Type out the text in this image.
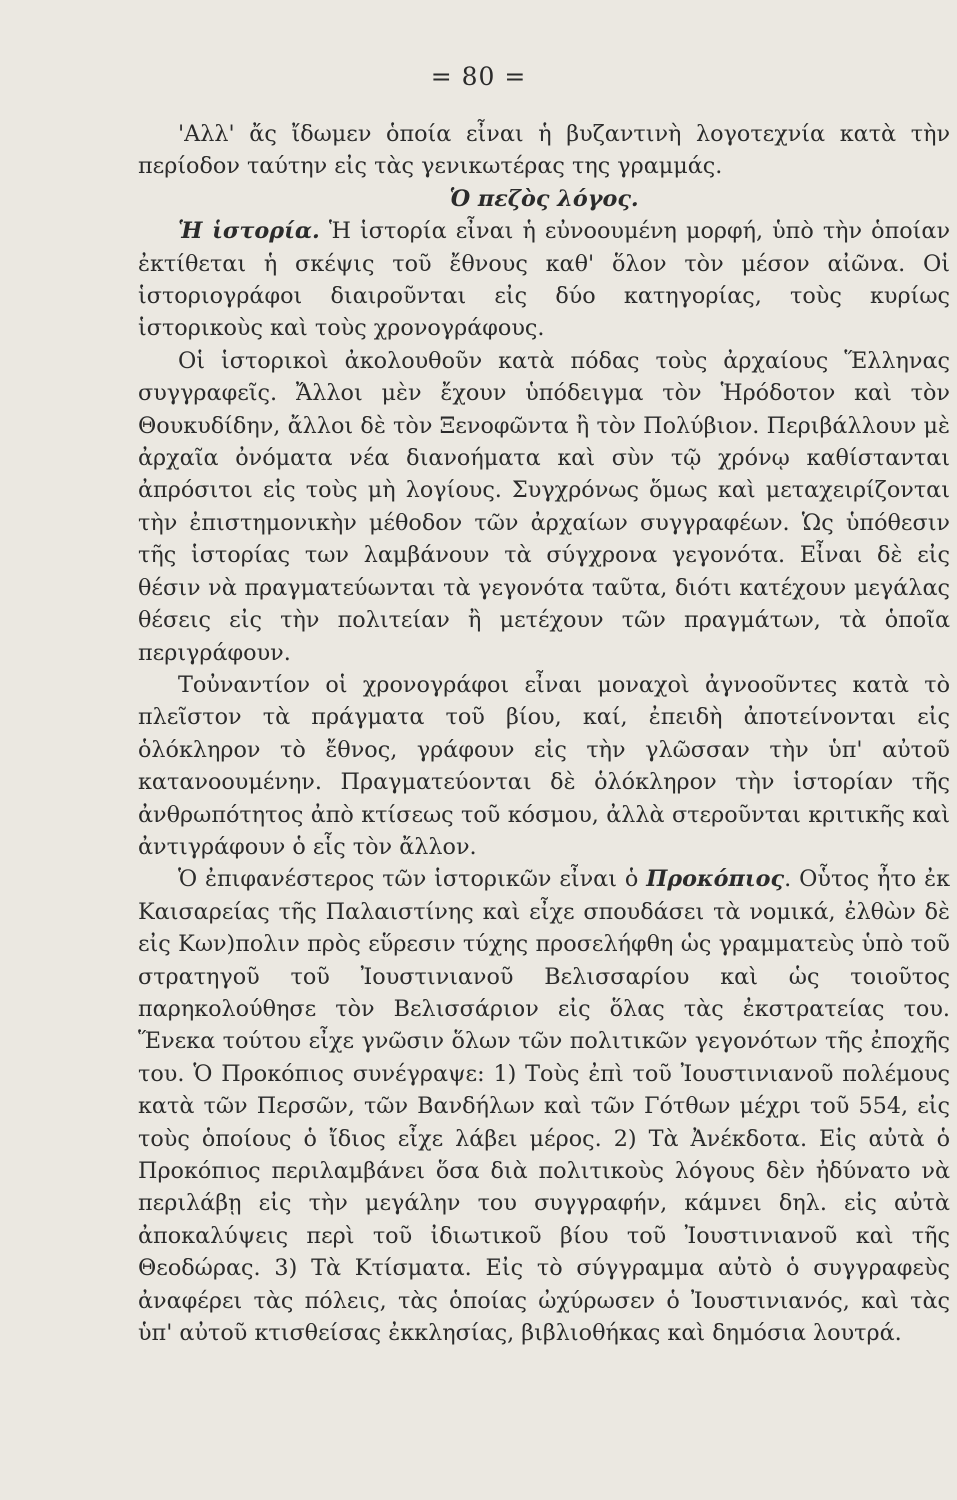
= 80 =

'Αλλ' ἄς ἴδωμεν ὁποία εἶναι ἡ βυζαντινὴ λογοτεχνία κατὰ τὴν περίοδον ταύτην εἰς τὰς γενικωτέρας της γραμμάς.

Ὁ πεζὸς λόγος.

Ἡ ἱστορία. Ἡ ἱστορία εἶναι ἡ εὐνοουμένη μορφή, ὑπὸ τὴν ὁποίαν ἐκτίθεται ἡ σκέψις τοῦ ἔθνους καθ' ὅλον τὸν μέσον αἰῶνα. Οἱ ἱστοριογράφοι διαιροῦνται εἰς δύο κατηγορίας, τοὺς κυρίως ἱστορικοὺς καὶ τοὺς χρονογράφους.

Οἱ ἱστορικοὶ ἀκολουθοῦν κατὰ πόδας τοὺς ἀρχαίους Ἕλληνας συγγραφεῖς. Ἄλλοι μὲν ἔχουν ὑπόδειγμα τὸν Ἡρόδοτον καὶ τὸν Θουκυδίδην, ἄλλοι δὲ τὸν Ξενοφῶντα ἢ τὸν Πολύβιον. Περιβάλλουν μὲ ἀρχαῖα ὀνόματα νέα διανοήματα καὶ σὺν τῷ χρόνῳ καθίστανται ἀπρόσιτοι εἰς τοὺς μὴ λογίους. Συγχρόνως ὅμως καὶ μεταχειρίζονται τὴν ἐπιστημονικὴν μέθοδον τῶν ἀρχαίων συγγραφέων. Ὡς ὑπόθεσιν τῆς ἱστορίας των λαμβάνουν τὰ σύγχρονα γεγονότα. Εἶναι δὲ εἰς θέσιν νὰ πραγματεύωνται τὰ γεγονότα ταῦτα, διότι κατέχουν μεγάλας θέσεις εἰς τὴν πολιτείαν ἢ μετέχουν τῶν πραγμάτων, τὰ ὁποῖα περιγράφουν.

Τοὐναντίον οἱ χρονογράφοι εἶναι μοναχοὶ ἀγνοοῦντες κατὰ τὸ πλεῖστον τὰ πράγματα τοῦ βίου, καί, ἐπειδὴ ἀποτείνονται εἰς ὁλόκληρον τὸ ἔθνος, γράφουν εἰς τὴν γλῶσσαν τὴν ὑπ' αὐτοῦ κατανοουμένην. Πραγματεύονται δὲ ὁλόκληρον τὴν ἱστορίαν τῆς ἀνθρωπότητος ἀπὸ κτίσεως τοῦ κόσμου, ἀλλὰ στεροῦνται κριτικῆς καὶ ἀντιγράφουν ὁ εἷς τὸν ἄλλον.

Ὁ ἐπιφανέστερος τῶν ἱστορικῶν εἶναι ὁ Προκόπιος. Οὗτος ἦτο ἐκ Καισαρείας τῆς Παλαιστίνης καὶ εἶχε σπουδάσει τὰ νομικά, ἐλθὼν δὲ εἰς Κων)πολιν πρὸς εὕρεσιν τύχης προσελήφθη ὡς γραμματεὺς ὑπὸ τοῦ στρατηγοῦ τοῦ Ἰουστινιανοῦ Βελισσαρίου καὶ ὡς τοιοῦτος παρηκολούθησε τὸν Βελισσάριον εἰς ὅλας τὰς ἐκστρατείας του. Ἕνεκα τούτου εἶχε γνῶσιν ὅλων τῶν πολιτικῶν γεγονότων τῆς ἐποχῆς του. Ὁ Προκόπιος συνέγραψε: 1) Τοὺς ἐπὶ τοῦ Ἰουστινιανοῦ πολέμους κατὰ τῶν Περσῶν, τῶν Βανδήλων καὶ τῶν Γότθων μέχρι τοῦ 554, εἰς τοὺς ὁποίους ὁ ἴδιος εἶχε λάβει μέρος. 2) Τὰ Ἀνέκδοτα. Εἰς αὐτὰ ὁ Προκόπιος περιλαμβάνει ὅσα διὰ πολιτικοὺς λόγους δὲν ἠδύνατο νὰ περιλάβῃ εἰς τὴν μεγάλην του συγγραφήν, κάμνει δηλ. εἰς αὐτὰ ἀποκαλύψεις περὶ τοῦ ἰδιωτικοῦ βίου τοῦ Ἰουστινιανοῦ καὶ τῆς Θεοδώρας. 3) Τὰ Κτίσματα. Εἰς τὸ σύγγραμμα αὐτὸ ὁ συγγραφεὺς ἀναφέρει τὰς πόλεις, τὰς ὁποίας ὠχύρωσεν ὁ Ἰουστινιανός, καὶ τὰς ὑπ' αὐτοῦ κτισθείσας ἐκκλησίας, βιβλιοθήκας καὶ δημόσια λουτρά.
